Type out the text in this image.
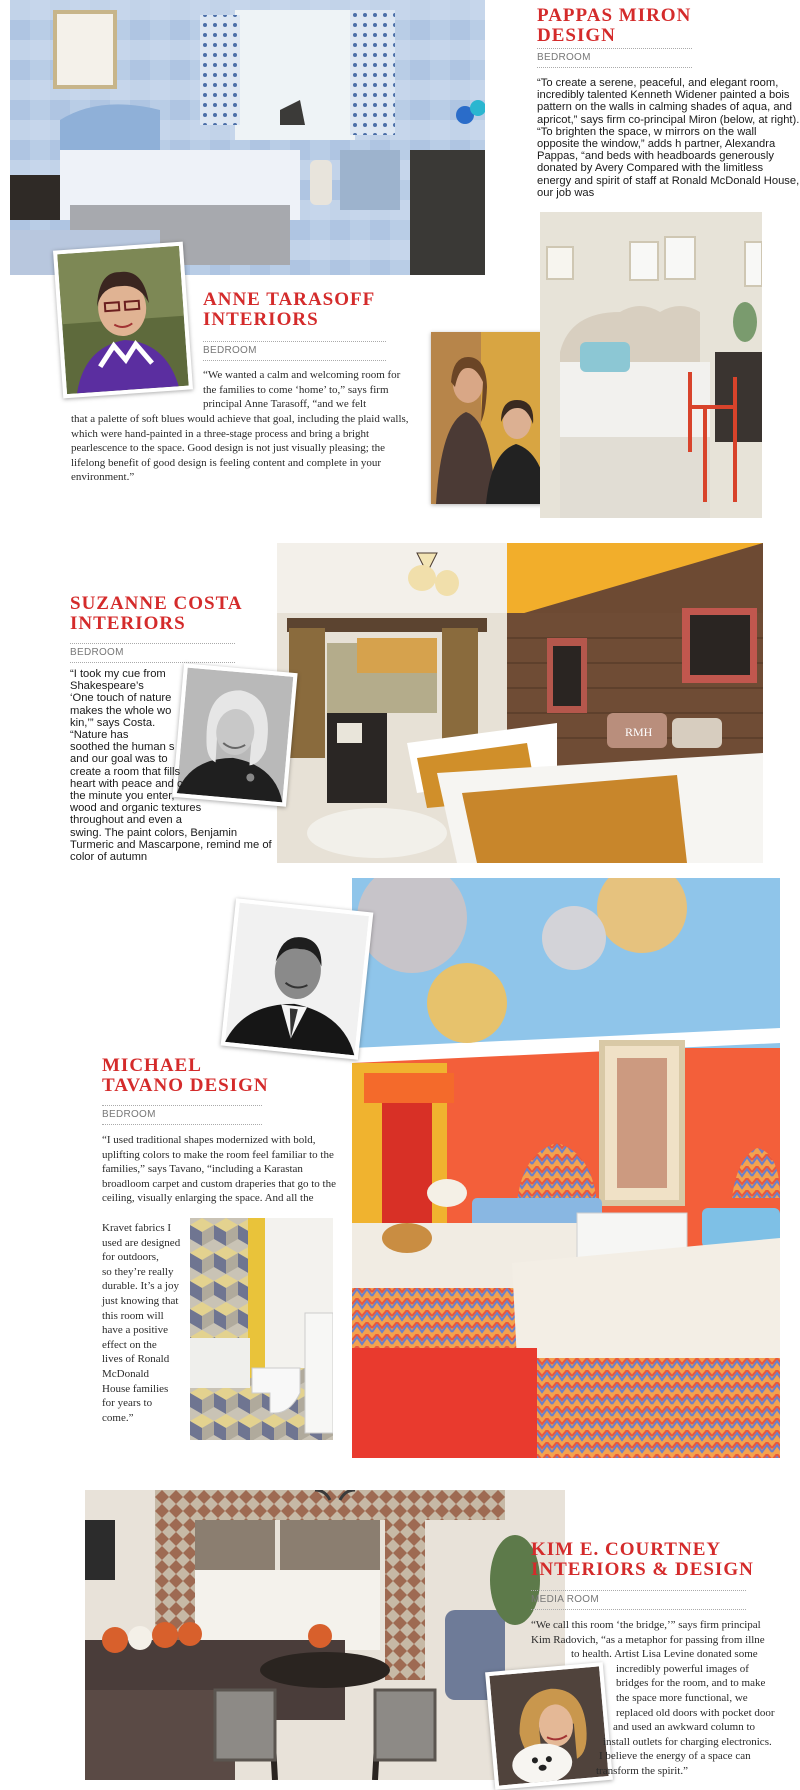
PAPPAS MIRON
DESIGN
BEDROOM

“To create a serene, peaceful, and elegant room, incredibly talented Kenneth Widener painted a bois pattern on the walls in calming shades of aqua, and apricot,” says firm co-principal Miron (below, at right). “To brighten the space, w mirrors on the wall opposite the window,” adds h partner, Alexandra Pappas, “and beds with headboards generously donated by Avery Compared with the limitless energy and spirit of staff at Ronald McDonald House, our job was

ANNE TARASOFF
INTERIORS
BEDROOM

“We wanted a calm and welcoming room for the families to come ‘home’ to,” says firm principal Anne Tarasoff, “and we felt

that a palette of soft blues would achieve that goal, including the plaid walls, which were hand-painted in a three-stage process and bring a bright pearlescence to the space. Good design is not just visually pleasing; the lifelong benefit of good design is feeling content and complete in your environment.”

SUZANNE COSTA
INTERIORS
BEDROOM
RMH

“I took my cue from

Shakespeare’s

‘One touch of nature

makes the whole wo

kin,’” says Costa.

“Nature has

soothed the human s

and our goal was to

create a room that fills

heart with peace and c

the minute you enter,

wood and organic textures

throughout and even a

swing. The paint colors, Benjamin

Turmeric and Mascarpone, remind me of

color of autumn

MICHAEL
TAVANO DESIGN
BEDROOM

“I used traditional shapes modernized with bold, uplifting colors to make the room feel familiar to the families,” says Tavano, “including a Karastan broadloom carpet and custom draperies that go to the ceiling, visually enlarging the space. And all the

Kravet fabrics I

used are designed

for outdoors,

so they’re really

durable. It’s a joy

just knowing that

this room will

have a positive

effect on the

lives of Ronald

McDonald

House families

for years to

come.”

KIM E. COURTNEY
INTERIORS & DESIGN
MEDIA ROOM

“We call this room ‘the bridge,’” says firm principal

Kim Radovich, “as a metaphor for passing from illne

to health. Artist Lisa Levine donated some

incredibly powerful images of

bridges for the room, and to make

the space more functional, we

replaced old doors with pocket door

and used an awkward column to

install outlets for charging electronics.

I believe the energy of a space can

transform the spirit.”
